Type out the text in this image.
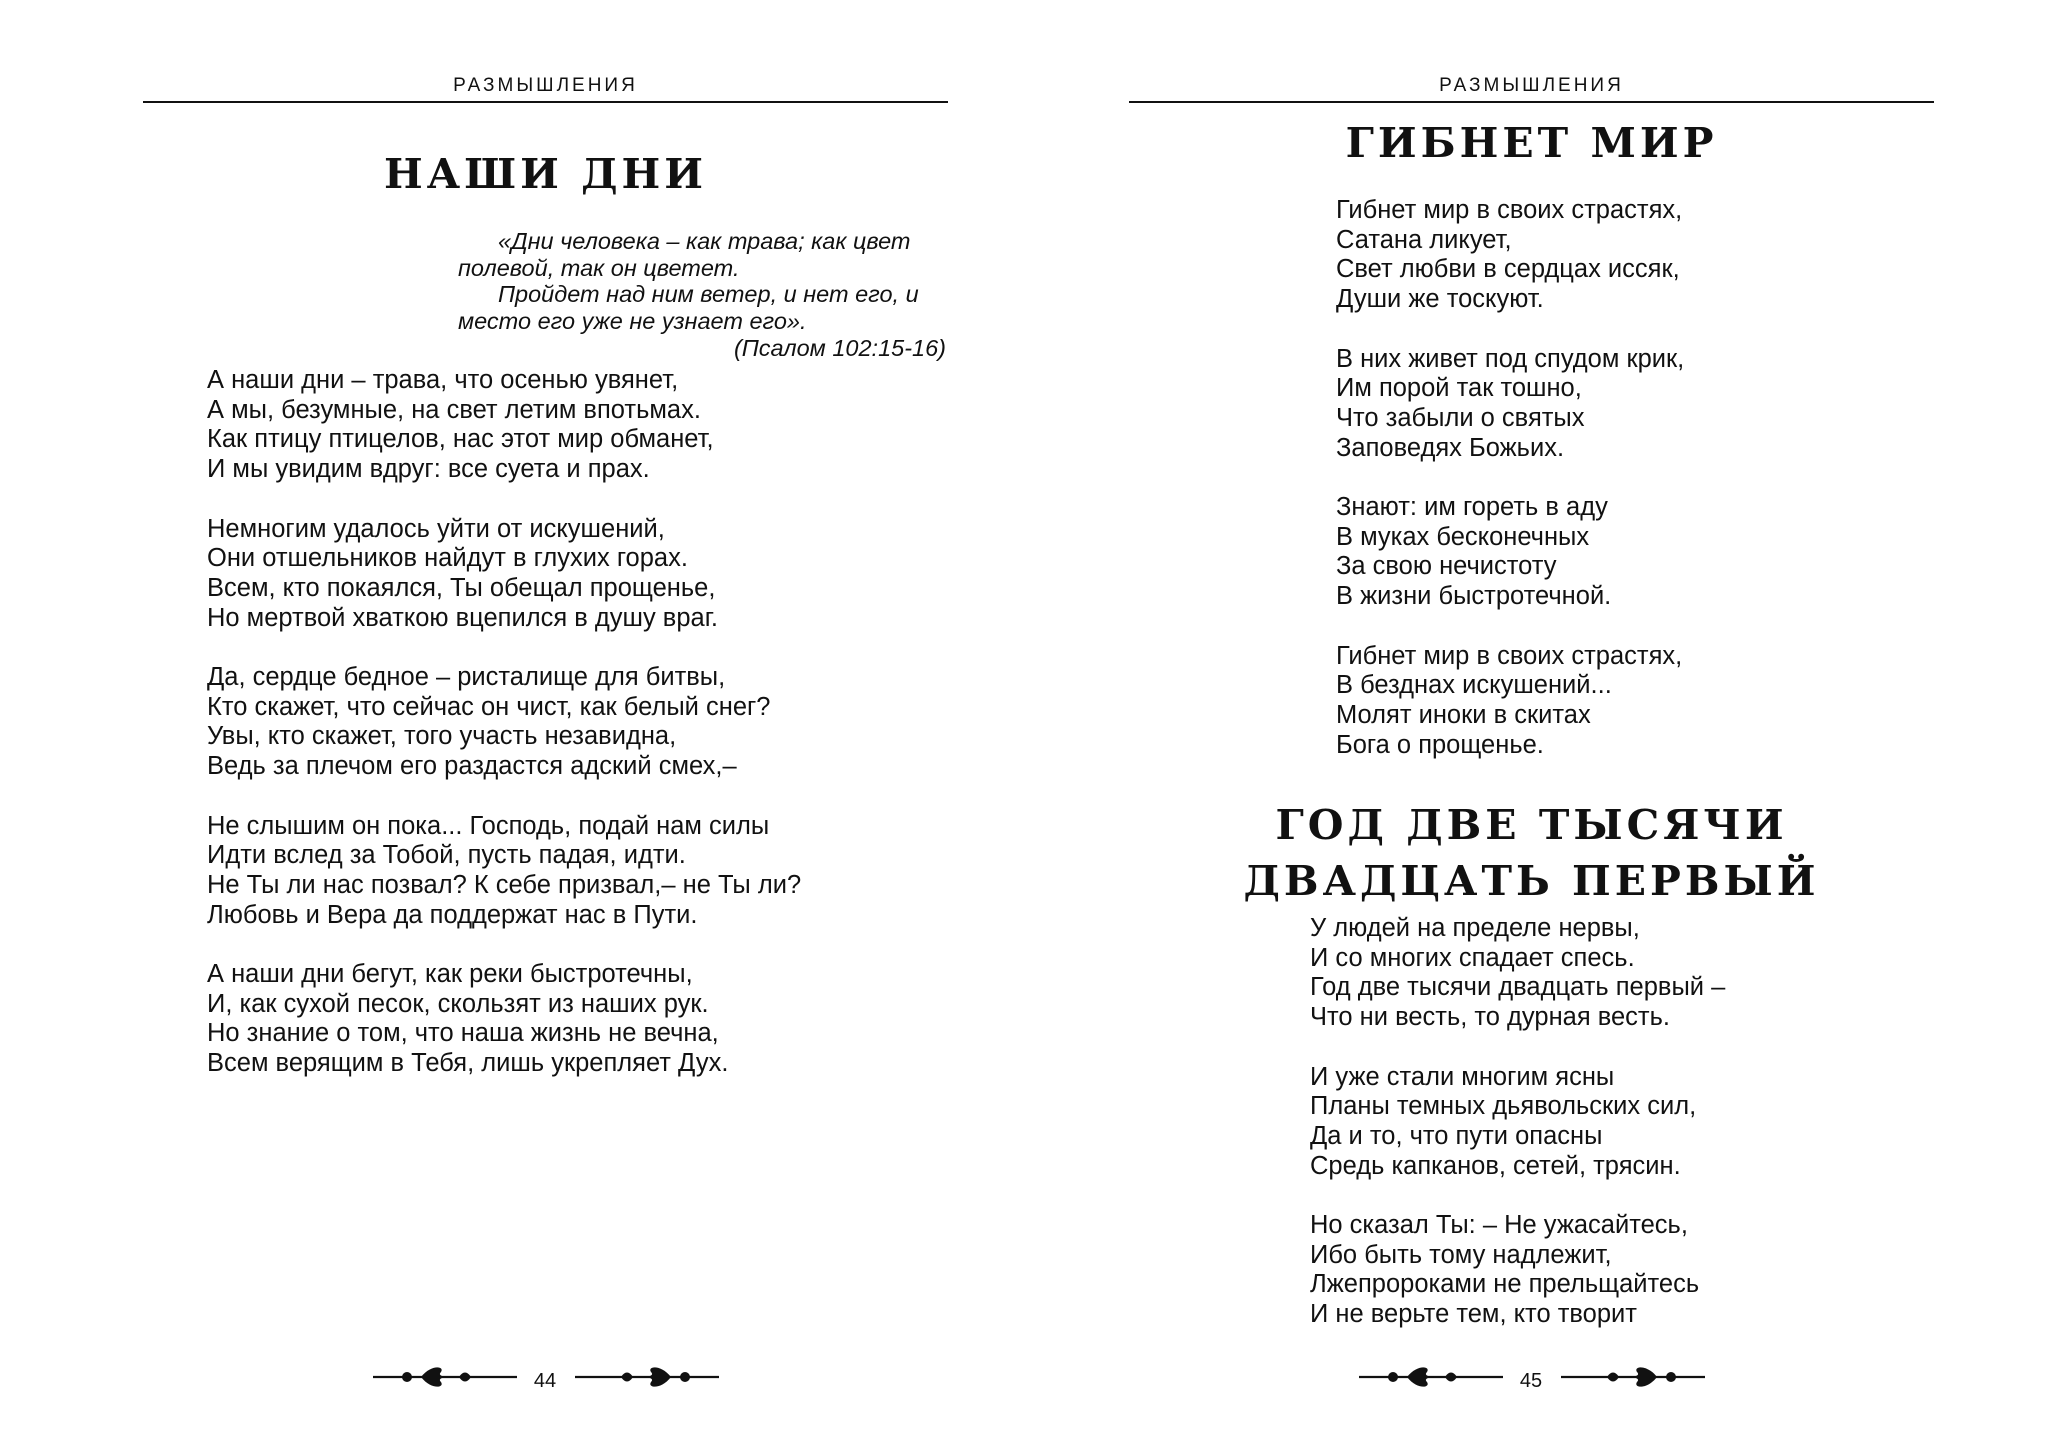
РАЗМЫШЛЕНИЯ
НАШИ ДНИ
«Дни человека – как трава; как цвет
полевой, так он цветет.
Пройдет над ним ветер, и нет его, и
место его уже не узнает его».
(Псалом 102:15-16)
А наши дни – трава, что осенью увянет,
А мы, безумные, на свет летим впотьмах.
Как птицу птицелов, нас этот мир обманет,
И мы увидим вдруг: все суета и прах.
Немногим удалось уйти от искушений,
Они отшельников найдут в глухих горах.
Всем, кто покаялся, Ты обещал прощенье,
Но мертвой хваткою вцепился в душу враг.
Да, сердце бедное – ристалище для битвы,
Кто скажет, что сейчас он чист, как белый снег?
Увы, кто скажет, того участь незавидна,
Ведь за плечом его раздастся адский смех,–
Не слышим он пока... Господь, подай нам силы
Идти вслед за Тобой, пусть падая, идти.
Не Ты ли нас позвал? К себе призвал,– не Ты ли?
Любовь и Вера да поддержат нас в Пути.
А наши дни бегут, как реки быстротечны,
И, как сухой песок, скользят из наших рук.
Но знание о том, что наша жизнь не вечна,
Всем верящим в Тебя, лишь укрепляет Дух.
44
РАЗМЫШЛЕНИЯ
ГИБНЕТ МИР
Гибнет мир в своих страстях,
Сатана ликует,
Свет любви в сердцах иссяк,
Души же тоскуют.
В них живет под спудом крик,
Им порой так тошно,
Что забыли о святых
Заповедях Божьих.
Знают: им гореть в аду
В муках бесконечных
За свою нечистоту
В жизни быстротечной.
Гибнет мир в своих страстях,
В безднах искушений...
Молят иноки в скитах
Бога о прощенье.
ГОД ДВЕ ТЫСЯЧИ
ДВАДЦАТЬ ПЕРВЫЙ
У людей на пределе нервы,
И со многих спадает спесь.
Год две тысячи двадцать первый –
Что ни весть, то дурная весть.
И уже стали многим ясны
Планы темных дьявольских сил,
Да и то, что пути опасны
Средь капканов, сетей, трясин.
Но сказал Ты: – Не ужасайтесь,
Ибо быть тому надлежит,
Лжепророками не прельщайтесь
И не верьте тем, кто творит
45
